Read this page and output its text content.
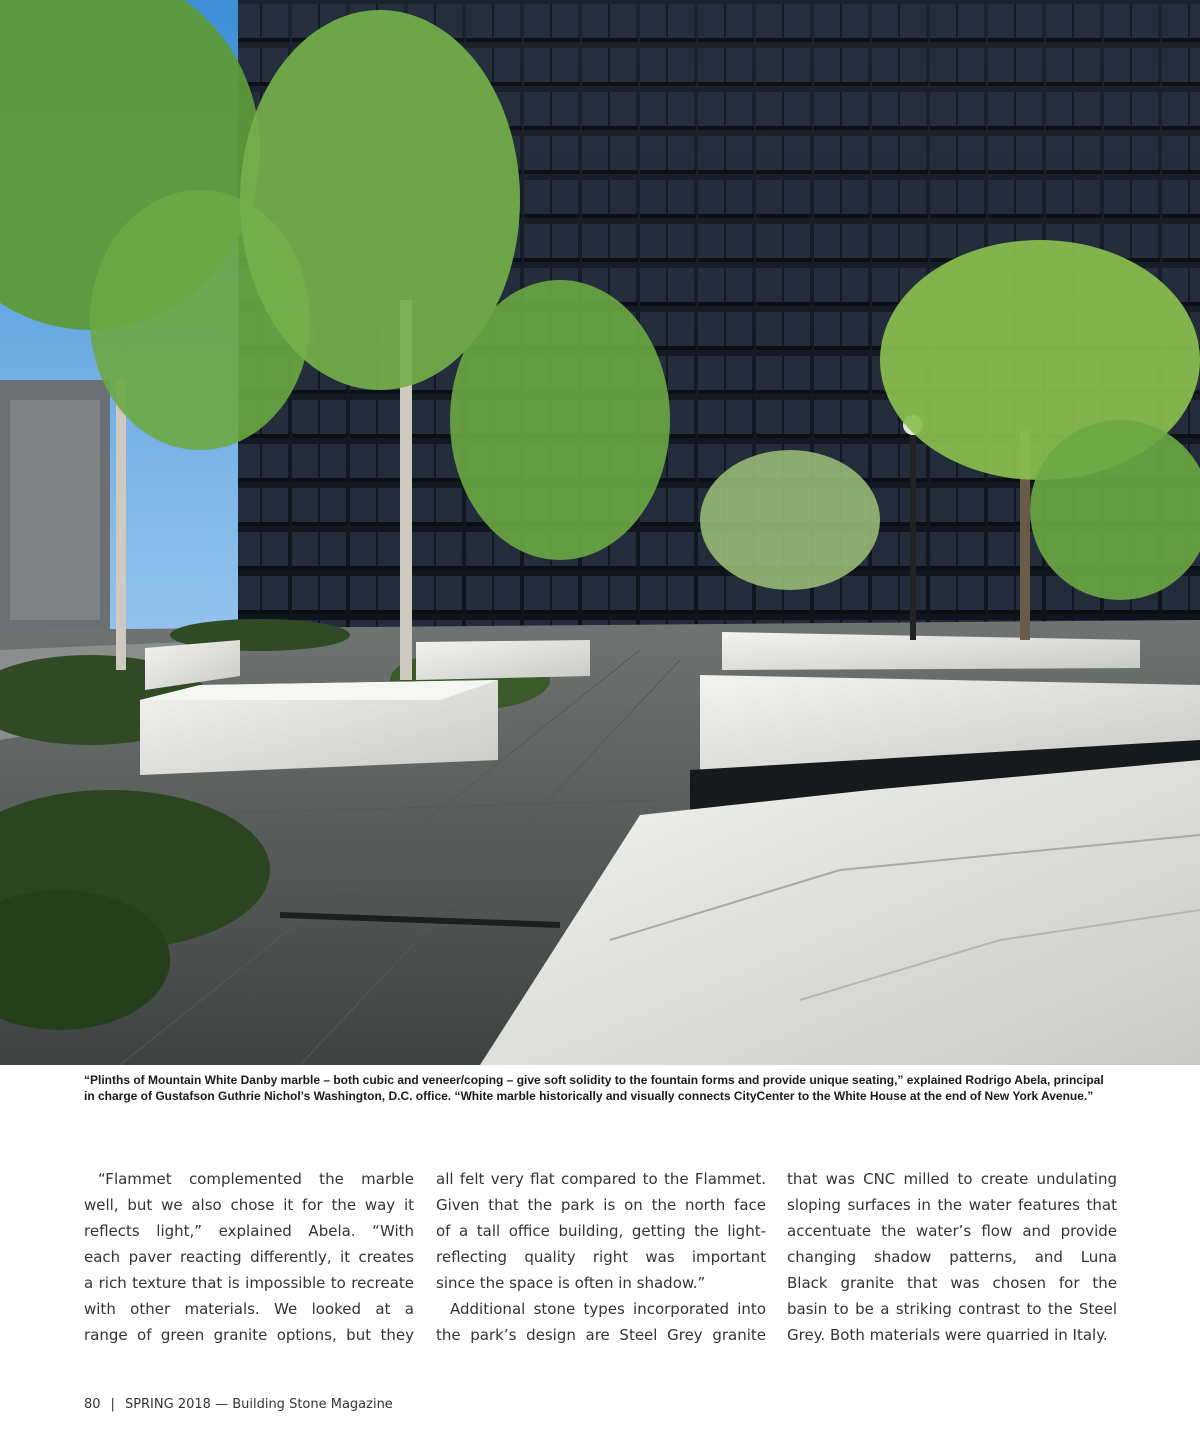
“Plinths of Mountain White Danby marble – both cubic and veneer/coping – give soft solidity to the fountain forms and provide unique seating,” explained Rodrigo Abela, principal
in charge of Gustafson Guthrie Nichol’s Washington, D.C. office. “White marble historically and visually connects CityCenter to the White House at the end of New York Avenue.”

“Flammet complemented the marble
well, but we also chose it for the way it
reflects light,” explained Abela. “With
each paver reacting differently, it creates
a rich texture that is impossible to recreate
with other materials. We looked at a
range of green granite options, but they
all felt very flat compared to the Flammet.
Given that the park is on the north face
of a tall office building, getting the light-
reflecting quality right was important
since the space is often in shadow.”
Additional stone types incorporated into
the park’s design are Steel Grey granite
that was CNC milled to create undulating
sloping surfaces in the water features that
accentuate the water’s flow and provide
changing shadow patterns, and Luna
Black granite that was chosen for the
basin to be a striking contrast to the Steel
Grey. Both materials were quarried in Italy.
80 | SPRING 2018 — Building Stone Magazine
